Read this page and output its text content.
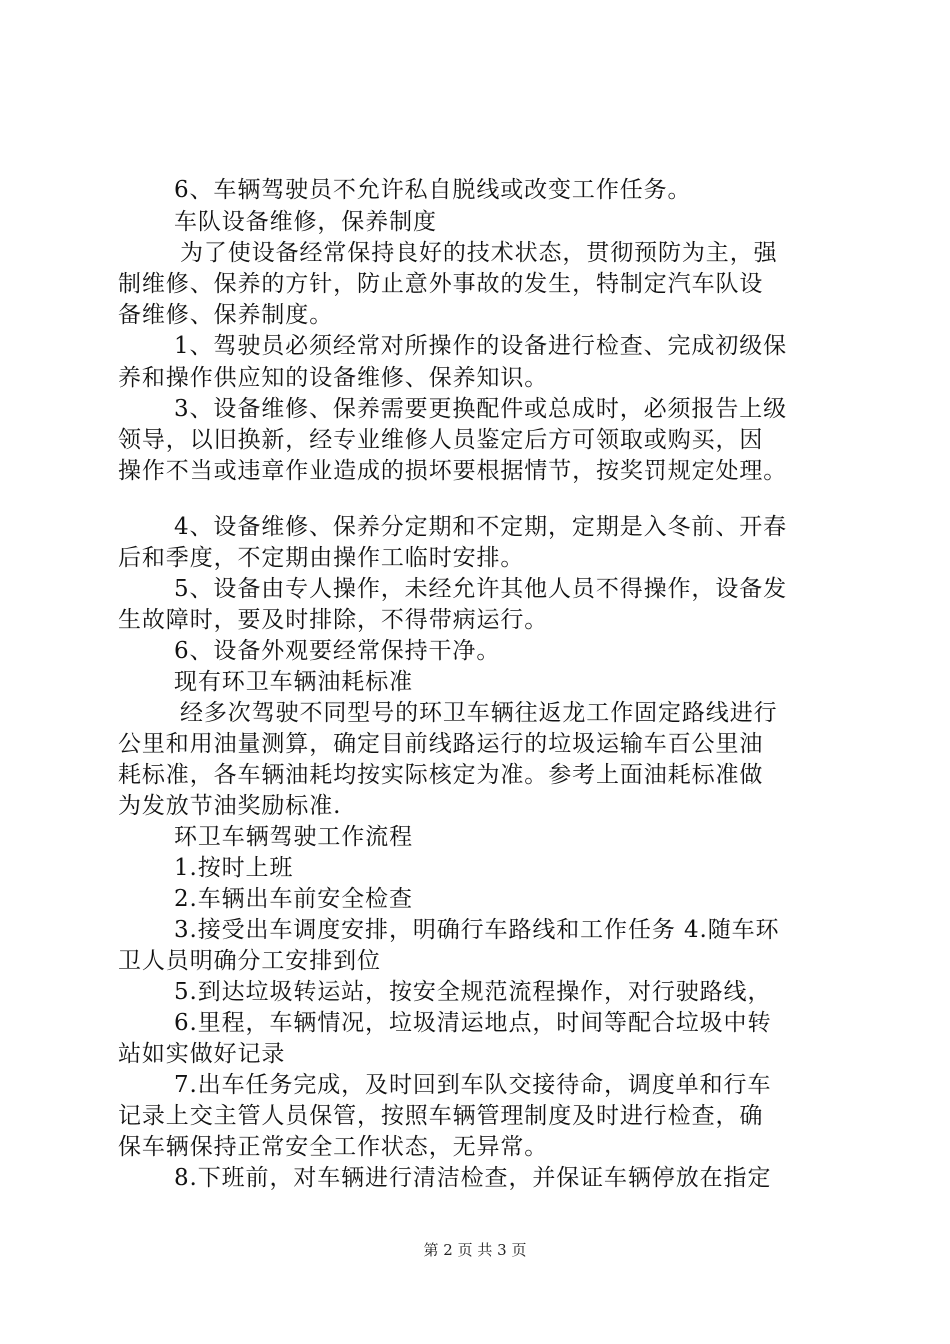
6、车辆驾驶员不允许私自脱线或改变工作任务。
车队设备维修，保养制度
为了使设备经常保持良好的技术状态，贯彻预防为主，强
制维修、保养的方针，防止意外事故的发生，特制定汽车队设
备维修、保养制度。
1、驾驶员必须经常对所操作的设备进行检查、完成初级保
养和操作供应知的设备维修、保养知识。
3、设备维修、保养需要更换配件或总成时，必须报告上级
领导，以旧换新，经专业维修人员鉴定后方可领取或购买，因
操作不当或违章作业造成的损坏要根据情节，按奖罚规定处理。
4、设备维修、保养分定期和不定期，定期是入冬前、开春
后和季度，不定期由操作工临时安排。
5、设备由专人操作，未经允许其他人员不得操作，设备发
生故障时，要及时排除，不得带病运行。
6、设备外观要经常保持干净。
现有环卫车辆油耗标准
经多次驾驶不同型号的环卫车辆往返龙工作固定路线进行
公里和用油量测算，确定目前线路运行的垃圾运输车百公里油
耗标准，各车辆油耗均按实际核定为准。参考上面油耗标准做
为发放节油奖励标准.
环卫车辆驾驶工作流程
1.按时上班
2.车辆出车前安全检查
3.接受出车调度安排，明确行车路线和工作任务 4.随车环
卫人员明确分工安排到位
5.到达垃圾转运站，按安全规范流程操作，对行驶路线，
6.里程，车辆情况，垃圾清运地点，时间等配合垃圾中转
站如实做好记录
7.出车任务完成，及时回到车队交接待命，调度单和行车
记录上交主管人员保管，按照车辆管理制度及时进行检查，确
保车辆保持正常安全工作状态，无异常。
8.下班前，对车辆进行清洁检查，并保证车辆停放在指定
第 2 页 共 3 页
